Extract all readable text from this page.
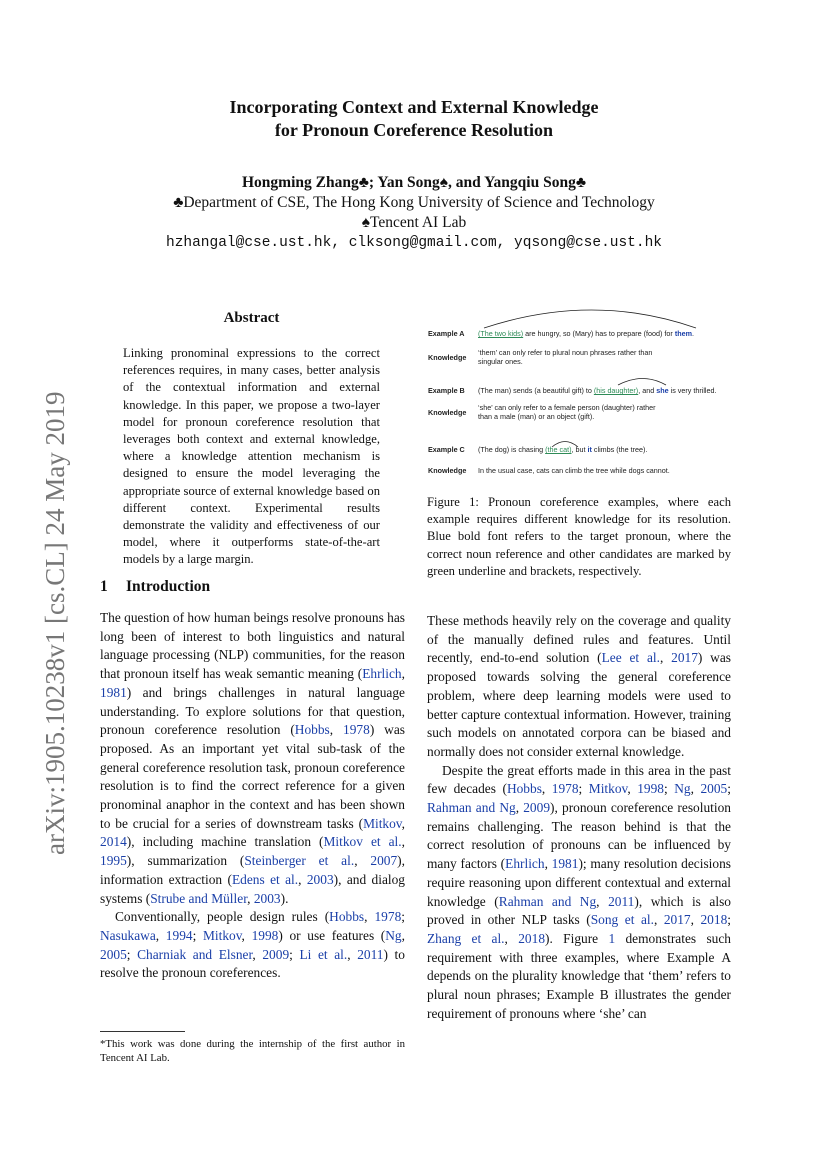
Incorporating Context and External Knowledge
for Pronoun Coreference Resolution
Hongming Zhang♣; Yan Song♠, and Yangqiu Song♣
♣Department of CSE, The Hong Kong University of Science and Technology
♠Tencent AI Lab
hzhangal@cse.ust.hk, clksong@gmail.com, yqsong@cse.ust.hk
arXiv:1905.10238v1 [cs.CL] 24 May 2019
Abstract
Linking pronominal expressions to the correct references requires, in many cases, better analysis of the contextual information and external knowledge. In this paper, we propose a two-layer model for pronoun coreference resolution that leverages both context and external knowledge, where a knowledge attention mechanism is designed to ensure the model leveraging the appropriate source of external knowledge based on different context. Experimental results demonstrate the validity and effectiveness of our model, where it outperforms state-of-the-art models by a large margin.
1 Introduction

The question of how human beings resolve pronouns has long been of interest to both linguistics and natural language processing (NLP) communities, for the reason that pronoun itself has weak semantic meaning (Ehrlich, 1981) and brings challenges in natural language understanding. To explore solutions for that question, pronoun coreference resolution (Hobbs, 1978) was proposed. As an important yet vital sub-task of the general coreference resolution task, pronoun coreference resolution is to find the correct reference for a given pronominal anaphor in the context and has been shown to be crucial for a series of downstream tasks (Mitkov, 2014), including machine translation (Mitkov et al., 1995), summarization (Steinberger et al., 2007), information extraction (Edens et al., 2003), and dialog systems (Strube and Müller, 2003).

Conventionally, people design rules (Hobbs, 1978; Nasukawa, 1994; Mitkov, 1998) or use features (Ng, 2005; Charniak and Elsner, 2009; Li et al., 2011) to resolve the pronoun coreferences.

*This work was done during the internship of the first author in Tencent AI Lab.
Example A (The two kids) are hungry, so (Mary) has to prepare (food) for them.
Knowledge
‘them’ can only refer to plural noun phrases rather than
singular ones.
Example B (The man) sends (a beautiful gift) to (his daughter), and she is very thrilled.
Knowledge
‘she’ can only refer to a female person (daughter) rather
than a male (man) or an object (gift).
Example C (The dog) is chasing (the cat), but it climbs (the tree).
Knowledge In the usual case, cats can climb the tree while dogs cannot.
Figure 1: Pronoun coreference examples, where each example requires different knowledge for its resolution. Blue bold font refers to the target pronoun, where the correct noun reference and other candidates are marked by green underline and brackets, respectively.

These methods heavily rely on the coverage and quality of the manually defined rules and features. Until recently, end-to-end solution (Lee et al., 2017) was proposed towards solving the general coreference problem, where deep learning models were used to better capture contextual information. However, training such models on annotated corpora can be biased and normally does not consider external knowledge.

Despite the great efforts made in this area in the past few decades (Hobbs, 1978; Mitkov, 1998; Ng, 2005; Rahman and Ng, 2009), pronoun coreference resolution remains challenging. The reason behind is that the correct resolution of pronouns can be influenced by many factors (Ehrlich, 1981); many resolution decisions require reasoning upon different contextual and external knowledge (Rahman and Ng, 2011), which is also proved in other NLP tasks (Song et al., 2017, 2018; Zhang et al., 2018). Figure 1 demonstrates such requirement with three examples, where Example A depends on the plurality knowledge that ‘them’ refers to plural noun phrases; Example B illustrates the gender requirement of pronouns where ‘she’ can
